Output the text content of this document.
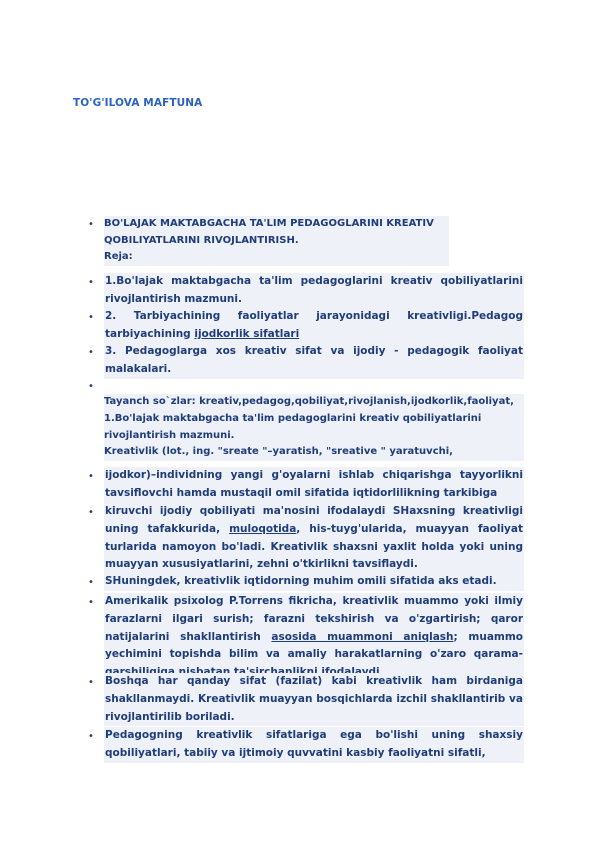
TO'G'ILOVA MAFTUNA
• BO'LAJAK MAKTABGACHA TA'LIM PEDAGOGLARINI KREATIV
QOBILIYATLARINI RIVOJLANTIRISH.
Reja:
• 1.Bo'lajak maktabgacha ta'lim pedagoglarini kreativ qobiliyatlarini rivojlantirish mazmuni.
• 2. Tarbiyachining faoliyatlar jarayonidagi kreativligi.Pedagog tarbiyachining ijodkorlik sifatlari
• 3. Pedagoglarga xos kreativ sifat va ijodiy - pedagogik faoliyat malakalari.
•
Tayanch so`zlar: kreativ,pedagog,qobiliyat,rivojlanish,ijodkorlik,faoliyat,
1.Bo'lajak maktabgacha ta'lim pedagoglarini kreativ qobiliyatlarini
rivojlantirish mazmuni.
Kreativlik (lot., ing. "sreate "–yaratish, "sreative " yaratuvchi,
• ijodkor)–individning yangi g'oyalarni ishlab chiqarishga tayyorlikni tavsiflovchi hamda mustaqil omil sifatida iqtidorlilikning tarkibiga
• kiruvchi ijodiy qobiliyati ma'nosini ifodalaydi SHaxsning kreativligi uning tafakkurida, muloqotida, his-tuyg'ularida, muayyan faoliyat turlarida namoyon bo'ladi. Kreativlik shaxsni yaxlit holda yoki uning muayyan xususiyatlarini, zehni o'tkirlikni tavsiflaydi.
• SHuningdek, kreativlik iqtidorning muhim omili sifatida aks etadi.
• Amerikalik psixolog P.Torrens fikricha, kreativlik muammo yoki ilmiy farazlarni ilgari surish; farazni tekshirish va o'zgartirish; qaror natijalarini shakllantirish asosida muammoni aniqlash; muammo yechimini topishda bilim va amaliy harakatlarning o'zaro qarama-
• Boshqa har qanday sifat (fazilat) kabi kreativlik ham birdaniga shakllanmaydi. Kreativlik muayyan bosqichlarda izchil shakllantirib va rivojlantirilib boriladi.
• Pedagogning kreativlik sifatlariga ega bo'lishi uning shaxsiy qobiliyatlari, tabiiy va ijtimoiy quvvatini kasbiy faoliyatni sifatli,
